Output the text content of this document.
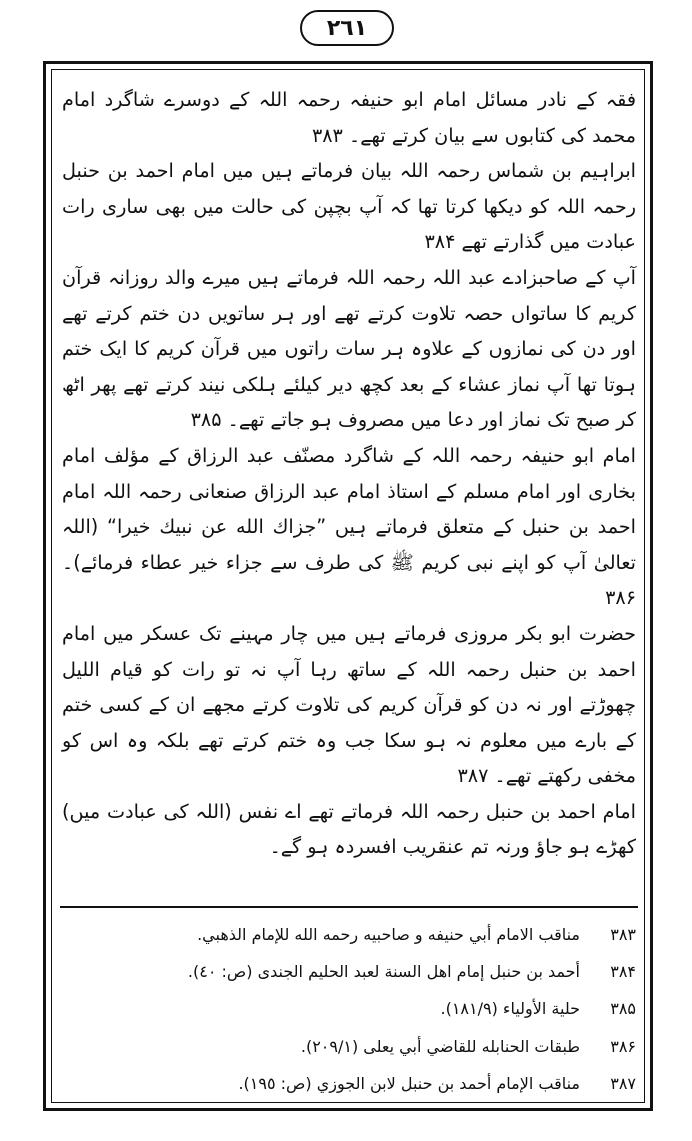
٢٦١

فقہ کے نادر مسائل امام ابو حنیفہ رحمہ اللہ کے دوسرے شاگرد امام محمد کی کتابوں سے بیان کرتے تھے۔ ۳۸۳

ابراہیم بن شماس رحمہ اللہ بیان فرماتے ہیں میں امام احمد بن حنبل رحمہ اللہ کو دیکھا کرتا تھا کہ آپ بچپن کی حالت میں بھی ساری رات عبادت میں گذارتے تھے ۳۸۴

آپ کے صاحبزادے عبد اللہ رحمہ اللہ فرماتے ہیں میرے والد روزانہ قرآن کریم کا ساتواں حصہ تلاوت کرتے تھے اور ہر ساتویں دن ختم کرتے تھے اور دن کی نمازوں کے علاوہ ہر سات راتوں میں قرآن کریم کا ایک ختم ہوتا تھا آپ نماز عشاء کے بعد کچھ دیر کیلئے ہلکی نیند کرتے تھے پھر اٹھ کر صبح تک نماز اور دعا میں مصروف ہو جاتے تھے۔ ۳۸۵

امام ابو حنیفہ رحمہ اللہ کے شاگرد مصنّف عبد الرزاق کے مؤلف امام بخاری اور امام مسلم کے استاذ امام عبد الرزاق صنعانی رحمہ اللہ امام احمد بن حنبل کے متعلق فرماتے ہیں ”جزاك الله عن نبيك خيرا“ (اللہ تعالیٰ آپ کو اپنے نبی کریم ﷺ کی طرف سے جزاء خیر عطاء فرمائے)۔ ۳۸۶

حضرت ابو بکر مروزی فرماتے ہیں میں چار مہینے تک عسکر میں امام احمد بن حنبل رحمہ اللہ کے ساتھ رہا آپ نہ تو رات کو قیام اللیل چھوڑتے اور نہ دن کو قرآن کریم کی تلاوت کرتے مجھے ان کے کسی ختم کے بارے میں معلوم نہ ہو سکا جب وہ ختم کرتے تھے بلکہ وہ اس کو مخفی رکھتے تھے۔ ۳۸۷

امام احمد بن حنبل رحمہ اللہ فرماتے تھے اے نفس (اللہ کی عبادت میں) کھڑے ہو جاؤ ورنہ تم عنقریب افسردہ ہو گے۔

۳۸۳
مناقب الامام أبي حنيفه و صاحبيه رحمه الله للإمام الذهبي.
۳۸۴
أحمد بن حنبل إمام اهل السنة لعبد الحليم الجندى (ص: ٤٠).
۳۸۵
حلية الأولياء (١٨١/٩).
۳۸۶
طبقات الحنابله للقاضي أبي يعلى (٢٠٩/١).
۳۸۷
مناقب الإمام أحمد بن حنبل لابن الجوزي (ص: ١٩٥).
